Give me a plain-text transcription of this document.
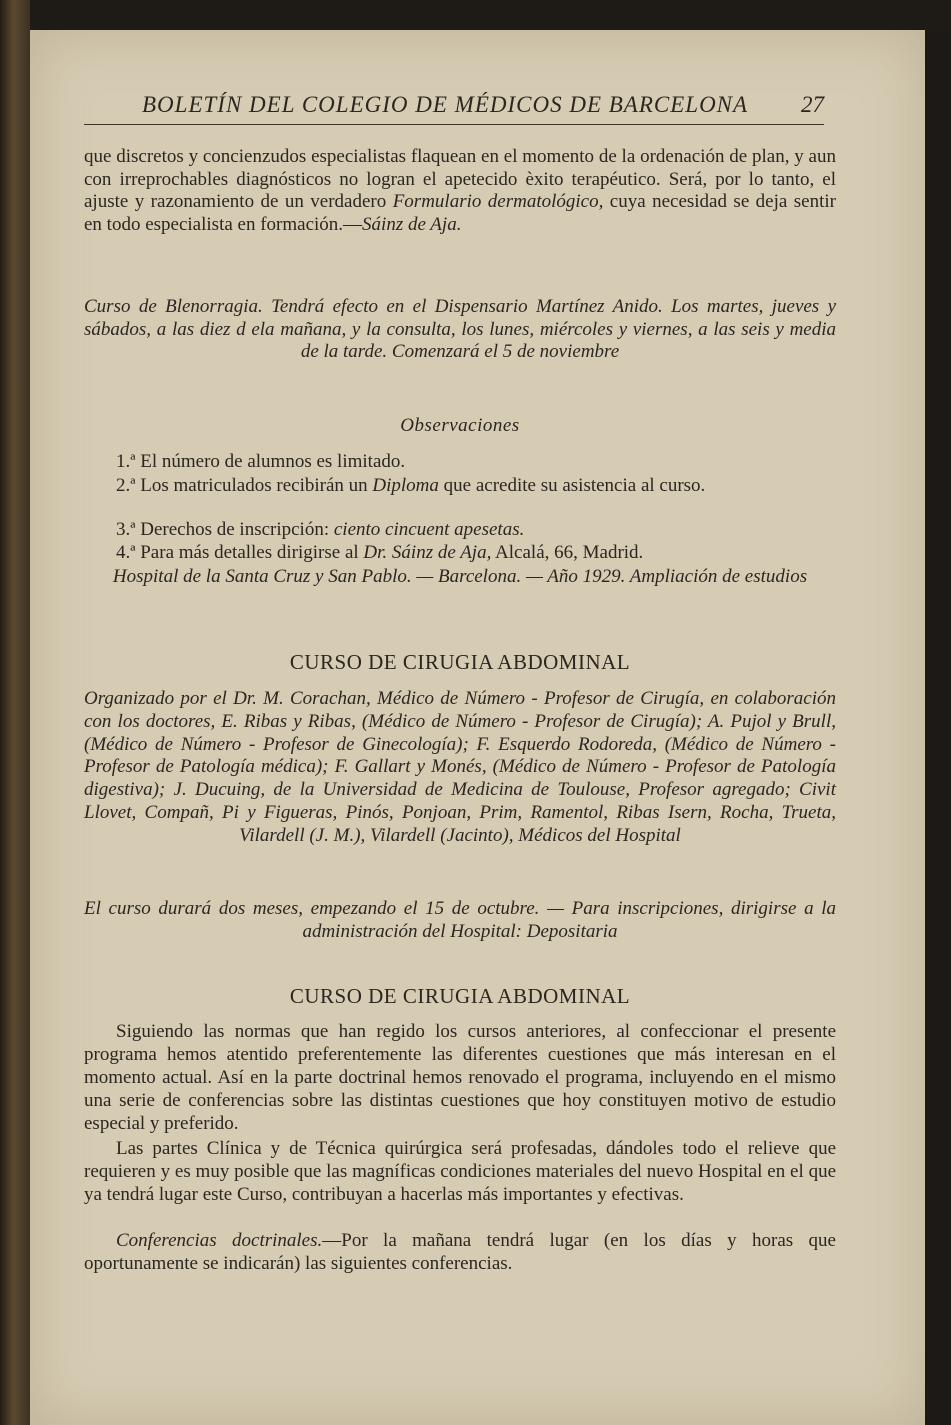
BOLETÍN DEL COLEGIO DE MÉDICOS DE BARCELONA 27

que discretos y concienzudos especialistas flaquean en el momento de la ordenación de plan, y aun con irreprochables diagnósticos no logran el apetecido èxito terapéutico. Será, por lo tanto, el ajuste y razonamiento de un verdadero Formulario dermatológico, cuya necesidad se deja sentir en todo especialista en formación.—Sáinz de Aja.

Curso de Blenorragia. Tendrá efecto en el Dispensario Martínez Anido. Los martes, jueves y sábados, a las diez d ela mañana, y la consulta, los lunes, miércoles y viernes, a las seis y media de la tarde. Comenzará el 5 de noviembre

Observaciones

1.ª El número de alumnos es limitado.

2.ª Los matriculados recibirán un Diploma que acredite su asistencia al curso.

3.ª Derechos de inscripción: ciento cincuent apesetas.

4.ª Para más detalles dirigirse al Dr. Sáinz de Aja, Alcalá, 66, Madrid.

Hospital de la Santa Cruz y San Pablo. — Barcelona. — Año 1929. Ampliación de estudios

CURSO DE CIRUGIA ABDOMINAL

Organizado por el Dr. M. Corachan, Médico de Número - Profesor de Cirugía, en colaboración con los doctores, E. Ribas y Ribas, (Médico de Número - Profesor de Cirugía); A. Pujol y Brull, (Médico de Número - Profesor de Ginecología); F. Esquerdo Rodoreda, (Médico de Número - Profesor de Patología médica); F. Gallart y Monés, (Médico de Número - Profesor de Patología digestiva); J. Ducuing, de la Universidad de Medicina de Toulouse, Profesor agregado; Civit Llovet, Compañ, Pi y Figueras, Pinós, Ponjoan, Prim, Ramentol, Ribas Isern, Rocha, Trueta, Vilardell (J. M.), Vilardell (Jacinto), Médicos del Hospital

El curso durará dos meses, empezando el 15 de octubre. — Para inscripciones, dirigirse a la administración del Hospital: Depositaria

CURSO DE CIRUGIA ABDOMINAL

Siguiendo las normas que han regido los cursos anteriores, al confeccionar el presente programa hemos atentido preferentemente las diferentes cuestiones que más interesan en el momento actual. Así en la parte doctrinal hemos renovado el programa, incluyendo en el mismo una serie de conferencias sobre las distintas cuestiones que hoy constituyen motivo de estudio especial y preferido.

Las partes Clínica y de Técnica quirúrgica será profesadas, dándoles todo el relieve que requieren y es muy posible que las magníficas condiciones materiales del nuevo Hospital en el que ya tendrá lugar este Curso, contribuyan a hacerlas más importantes y efectivas.

Conferencias doctrinales.—Por la mañana tendrá lugar (en los días y horas que oportunamente se indicarán) las siguientes conferencias.
